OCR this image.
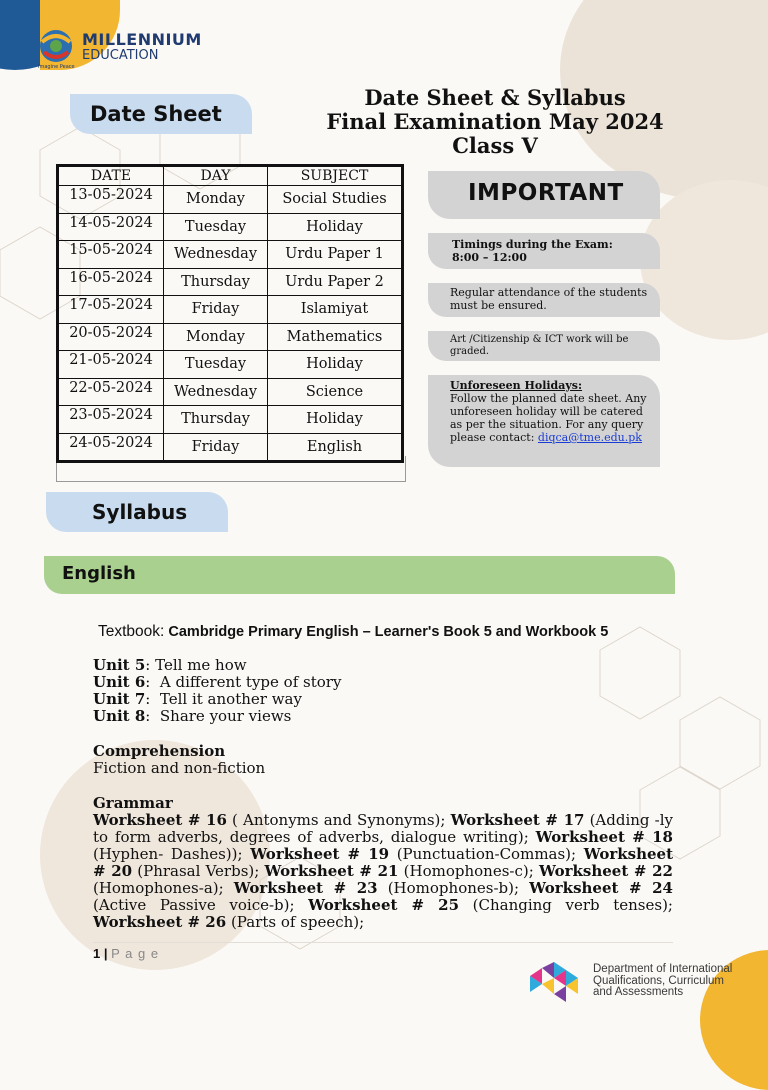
MILLENNIUM
EDUCATION
Imagine Peace
Date Sheet & Syllabus
Final Examination May 2024
Class V
Date Sheet
DATE	DAY	SUBJECT
13-05-2024	Monday	Social Studies
14-05-2024	Tuesday	Holiday
15-05-2024	Wednesday	Urdu Paper 1
16-05-2024	Thursday	Urdu Paper 2
17-05-2024	Friday	Islamiyat
20-05-2024	Monday	Mathematics
21-05-2024	Tuesday	Holiday
22-05-2024	Wednesday	Science
23-05-2024	Thursday	Holiday
24-05-2024	Friday	English
IMPORTANT
Timings during the Exam:
8:00 – 12:00
Regular attendance of the students must be ensured.
Art /Citizenship & ICT work will be graded.
Unforeseen Holidays:
Follow the planned date sheet. Any unforeseen holiday will be catered as per the situation. For any query please contact: diqca@tme.edu.pk
Syllabus
English
Textbook: Cambridge Primary English – Learner's Book 5 and Workbook 5
Unit 5: Tell me how
Unit 6:  A different type of story
Unit 7:  Tell it another way
Unit 8:  Share your views
Comprehension
Fiction and non-fiction
Grammar
Worksheet # 16 ( Antonyms and Synonyms); Worksheet # 17 (Adding -ly to form adverbs, degrees of adverbs, dialogue writing); Worksheet # 18 (Hyphen- Dashes)); Worksheet # 19 (Punctuation-Commas); Worksheet # 20 (Phrasal Verbs); Worksheet # 21 (Homophones-c); Worksheet # 22 (Homophones-a); Worksheet # 23 (Homophones-b); Worksheet # 24 (Active Passive voice-b); Worksheet # 25 (Changing verb tenses); Worksheet # 26 (Parts of speech);
1 | P a g e
Department of International
Qualifications, Curriculum
and Assessments
